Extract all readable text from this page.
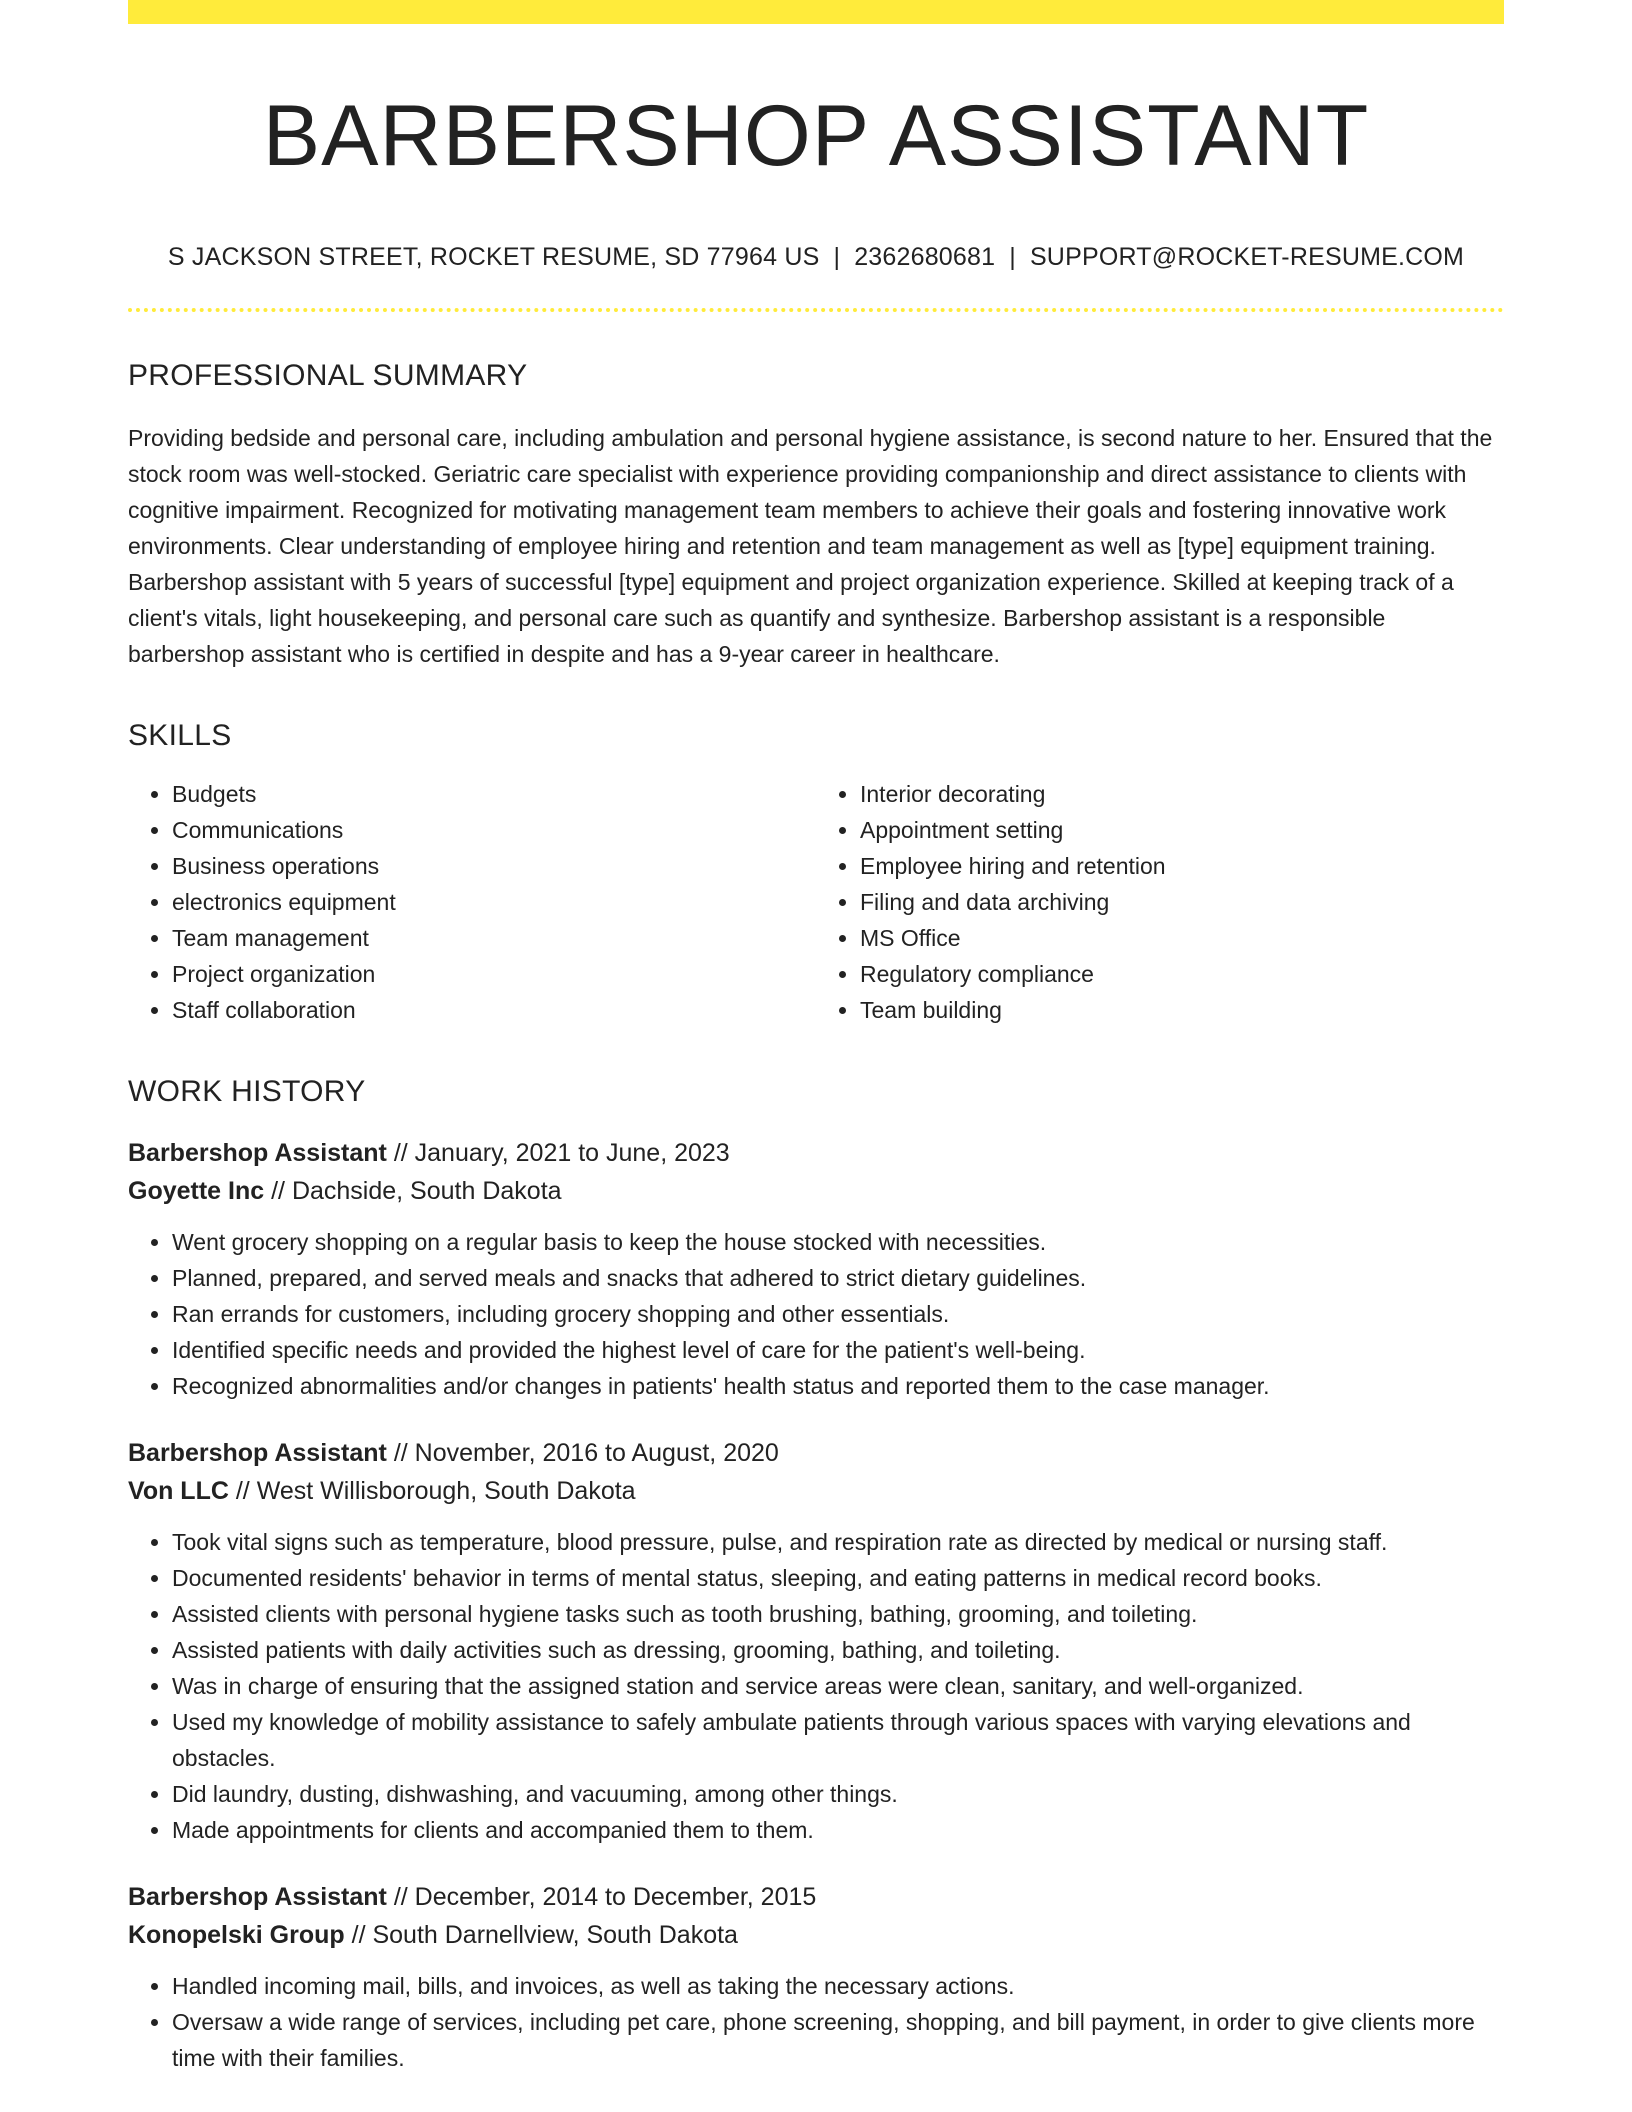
BARBERSHOP ASSISTANT
S JACKSON STREET, ROCKET RESUME, SD 77964 US | 2362680681 | SUPPORT@ROCKET-RESUME.COM
PROFESSIONAL SUMMARY
Providing bedside and personal care, including ambulation and personal hygiene assistance, is second nature to her. Ensured that the stock room was well-stocked. Geriatric care specialist with experience providing companionship and direct assistance to clients with cognitive impairment. Recognized for motivating management team members to achieve their goals and fostering innovative work environments. Clear understanding of employee hiring and retention and team management as well as [type] equipment training. Barbershop assistant with 5 years of successful [type] equipment and project organization experience. Skilled at keeping track of a client's vitals, light housekeeping, and personal care such as quantify and synthesize. Barbershop assistant is a responsible barbershop assistant who is certified in despite and has a 9-year career in healthcare.
SKILLS
• Budgets
• Communications
• Business operations
• electronics equipment
• Team management
• Project organization
• Staff collaboration
• Interior decorating
• Appointment setting
• Employee hiring and retention
• Filing and data archiving
• MS Office
• Regulatory compliance
• Team building
WORK HISTORY
Barbershop Assistant // January, 2021 to June, 2023
Goyette Inc // Dachside, South Dakota
• Went grocery shopping on a regular basis to keep the house stocked with necessities.
• Planned, prepared, and served meals and snacks that adhered to strict dietary guidelines.
• Ran errands for customers, including grocery shopping and other essentials.
• Identified specific needs and provided the highest level of care for the patient's well-being.
• Recognized abnormalities and/or changes in patients' health status and reported them to the case manager.
Barbershop Assistant // November, 2016 to August, 2020
Von LLC // West Willisborough, South Dakota
• Took vital signs such as temperature, blood pressure, pulse, and respiration rate as directed by medical or nursing staff.
• Documented residents' behavior in terms of mental status, sleeping, and eating patterns in medical record books.
• Assisted clients with personal hygiene tasks such as tooth brushing, bathing, grooming, and toileting.
• Assisted patients with daily activities such as dressing, grooming, bathing, and toileting.
• Was in charge of ensuring that the assigned station and service areas were clean, sanitary, and well-organized.
• Used my knowledge of mobility assistance to safely ambulate patients through various spaces with varying elevations and obstacles.
• Did laundry, dusting, dishwashing, and vacuuming, among other things.
• Made appointments for clients and accompanied them to them.
Barbershop Assistant // December, 2014 to December, 2015
Konopelski Group // South Darnellview, South Dakota
• Handled incoming mail, bills, and invoices, as well as taking the necessary actions.
• Oversaw a wide range of services, including pet care, phone screening, shopping, and bill payment, in order to give clients more time with their families.
